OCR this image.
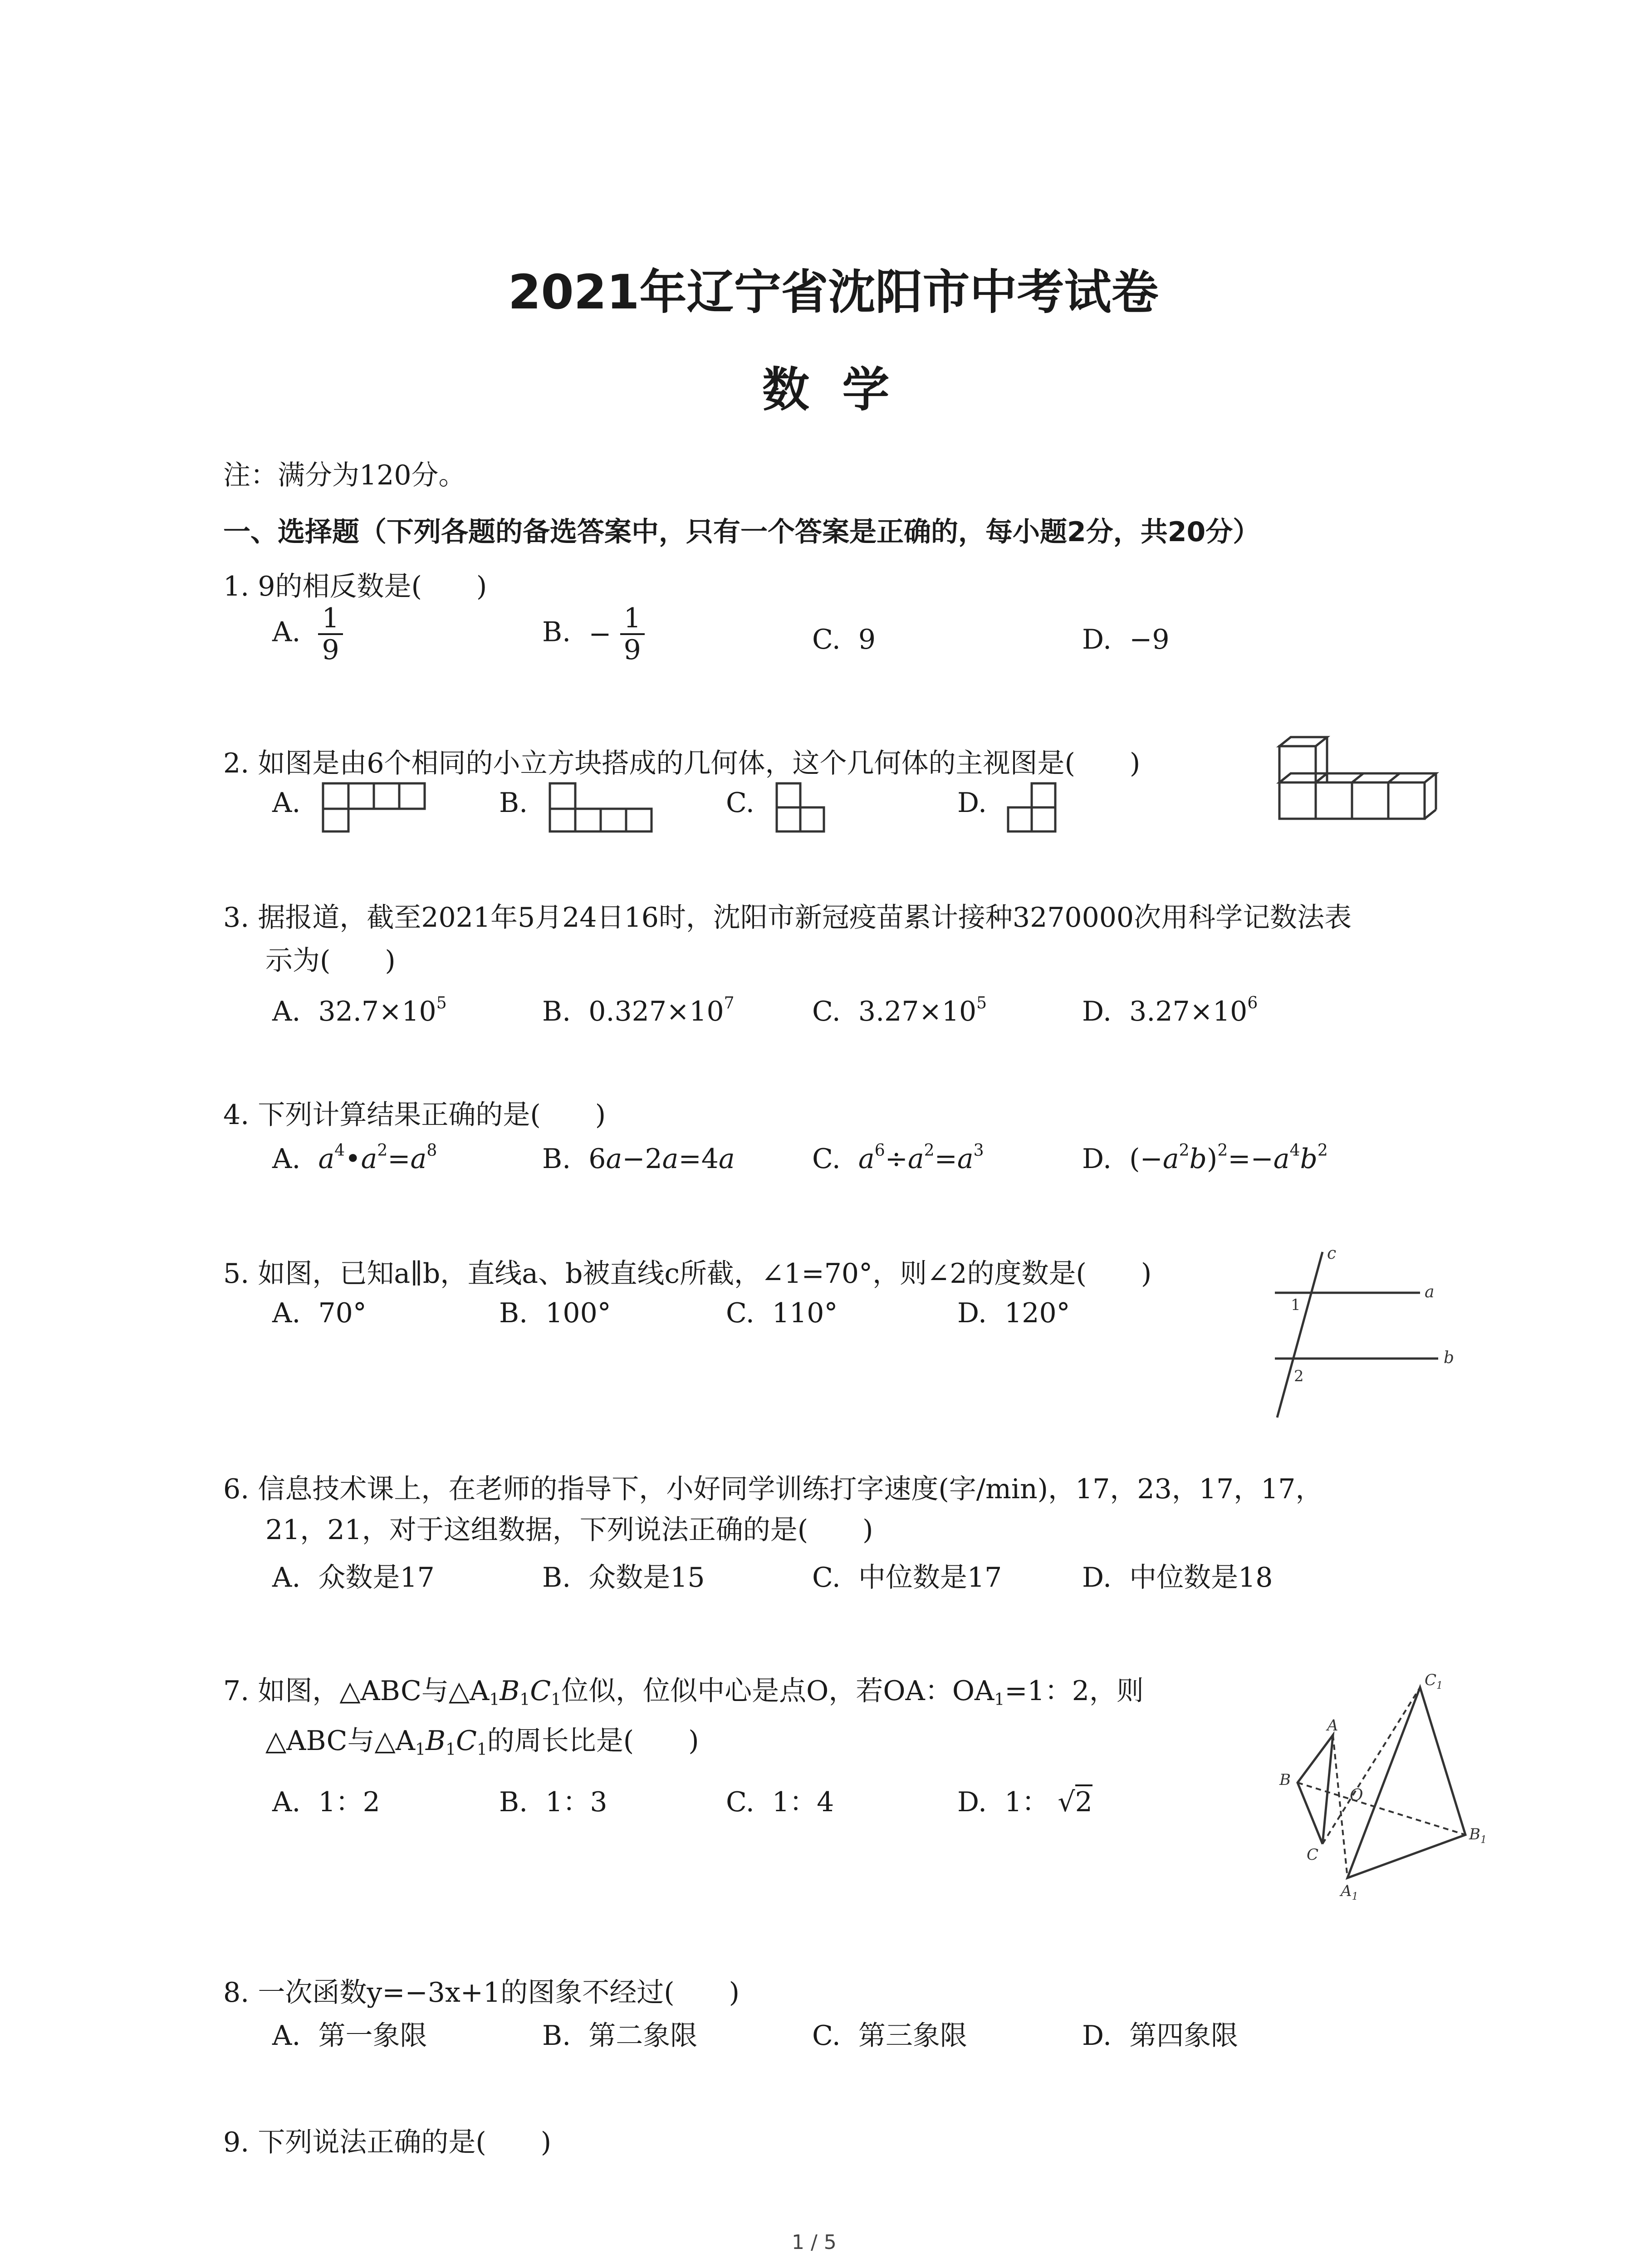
2021年辽宁省沈阳市中考试卷
数  学
注：满分为120分。
一、选择题（下列各题的备选答案中，只有一个答案是正确的，每小题2分，共20分）
1. 9的相反数是(　　)
A. $\frac{1}{9}$	B. − $\frac{1}{9}$	C. 9	D. −9
2. 如图是由6个相同的小立方块搭成的几何体，这个几何体的主视图是(　　)
A.	B.	C.	D.
3. 据报道，截至2021年5月24日16时，沈阳市新冠疫苗累计接种3270000次用科学记数法表
示为(　　)
A. $32.7\times 10^5$	B. $0.327\times 10^7$	C. $3.27\times 10^5$	D. $3.27\times 10^6$
4. 下列计算结果正确的是(　　)
A. $a^4•a^2=a^8$	B. 6a−2a=4a	C. $a^6\div a^2=a^3$	D. $(-a^2b)^2=-a^4b^2$
5. 如图，已知a∥b，直线a、b被直线c所截，∠1=70°，则∠2的度数是(　　)
A. 70°	B. 100°	C. 110°	D. 120°
c
a
b
1
2
6. 信息技术课上，在老师的指导下，小好同学训练打字速度(字/min)，17，23，17，17，
21，21，对于这组数据，下列说法正确的是(　　)
A. 众数是17	B. 众数是15	C. 中位数是17	D. 中位数是18
7. 如图，△ABC与$\triangle A_1B_1C_1$位似，位似中心是点O，若OA：$OA_1=1$：2，则
△ABC与$\triangle A_1B_1C_1$的周长比是(　　)
A. 1：2	B. 1：3	C. 1：4	D. 1： √2
A
B
C
O
$C_1$
$B_1$
$A_1$
8. 一次函数y=−3x+1的图象不经过(　　)
A. 第一象限	B. 第二象限	C. 第三象限	D. 第四象限
9. 下列说法正确的是(　　)
1 / 5
